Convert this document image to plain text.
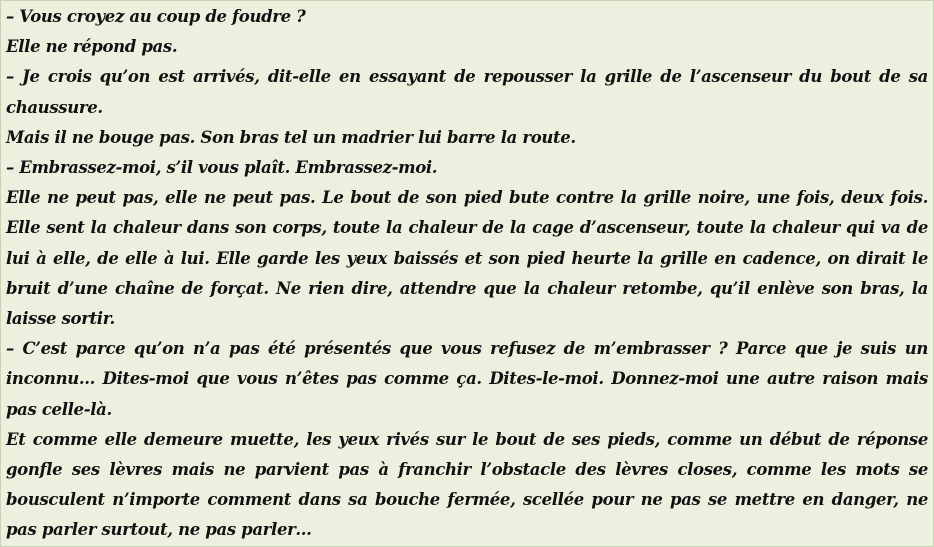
– Vous croyez au coup de foudre ?

Elle ne répond pas.

– Je crois qu’on est arrivés, dit-elle en essayant de repousser la grille de l’ascenseur du bout de sa chaussure.

Mais il ne bouge pas. Son bras tel un madrier lui barre la route.

– Embrassez-moi, s’il vous plaît. Embrassez-moi.

Elle ne peut pas, elle ne peut pas. Le bout de son pied bute contre la grille noire, une fois, deux fois. Elle sent la chaleur dans son corps, toute la chaleur de la cage d’ascenseur, toute la chaleur qui va de lui à elle, de elle à lui. Elle garde les yeux baissés et son pied heurte la grille en cadence, on dirait le bruit d’une chaîne de forçat. Ne rien dire, attendre que la chaleur retombe, qu’il enlève son bras, la laisse sortir.

– C’est parce qu’on n’a pas été présentés que vous refusez de m’embrasser ? Parce que je suis un inconnu… Dites-moi que vous n’êtes pas comme ça. Dites-le-moi. Donnez-moi une autre raison mais pas celle-là.

Et comme elle demeure muette, les yeux rivés sur le bout de ses pieds, comme un début de réponse gonfle ses lèvres mais ne parvient pas à franchir l’obstacle des lèvres closes, comme les mots se bousculent n’importe comment dans sa bouche fermée, scellée pour ne pas se mettre en danger, ne pas parler surtout, ne pas parler…
